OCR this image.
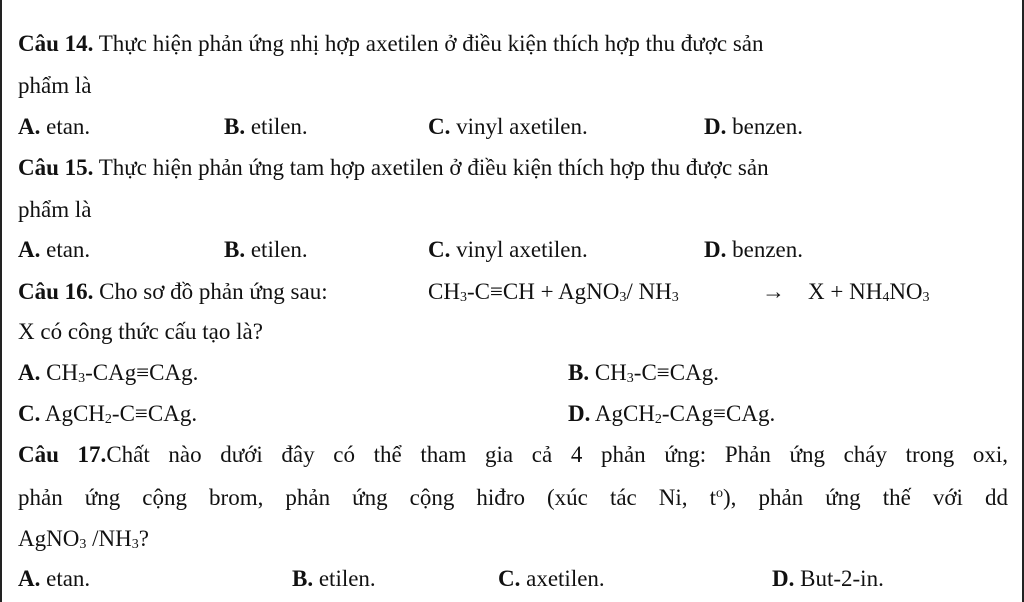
Câu 14. Thực hiện phản ứng nhị hợp axetilen ở điều kiện thích hợp thu được sản
phẩm là
A. etan.	B. etilen.	C. vinyl axetilen.	D. benzen.
Câu 15. Thực hiện phản ứng tam hợp axetilen ở điều kiện thích hợp thu được sản
phẩm là
A. etan.	B. etilen.	C. vinyl axetilen.	D. benzen.
Câu 16. Cho sơ đồ phản ứng sau:	$CH_3-C\equiv CH$ + AgNO$_3$/ $NH_3$	→ $X + NH_4NO_3$
X có công thức cấu tạo là?
A. $CH_3-CAg\equiv CAg$.	B. $CH_3-C\equiv CAg$.
C. AgCH$_2$-C≡CAg.	D. AgCH$_2$-CAg≡CAg.
Câu 17.Chất nào dưới đây có thể tham gia cả 4 phản ứng: Phản ứng cháy trong oxi,
phản ứng cộng brom, phản ứng cộng hiđro (xúc tác Ni, $t^o$), phản ứng thế với dd
AgNO$_3$ $/NH_3$?
A. etan.	B. etilen.	C. axetilen.	D. But-2-in.
